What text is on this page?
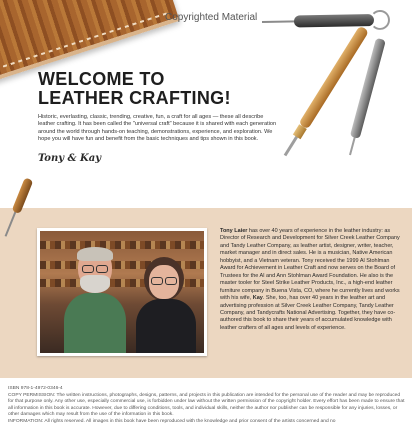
Copyrighted Material
WELCOME TO
LEATHER CRAFTING!

Historic, everlasting, classic, trending, creative, fun, a craft for all ages — these all describe leather crafting. It has been called the "universal craft" because it is shared with each generation around the world through hands-on teaching, demonstrations, experience, and exploration. We hope you will have fun and benefit from the basic techniques and tips shown in this book.

Tony & Kay

Tony Laier has over 40 years of experience in the leather industry: as Director of Research and Development for Silver Creek Leather Company and Tandy Leather Company, as leather artist, designer, writer, teacher, market manager and in direct sales. He is a musician, Native American hobbyist, and a Vietnam veteran. Tony received the 1999 Al Stohlman Award for Achievement in Leather Craft and now serves on the Board of Trustees for the Al and Ann Stohlman Award Foundation. He also is the master tooler for Steel Strike Leather Products, Inc., a high-end leather furniture company in Buena Vista, CO, where he currently lives and works with his wife, Kay. She, too, has over 40 years in the leather art and advertising profession at Silver Creek Leather Company, Tandy Leather Company, and Tandycrafts National Advertising. Together, they have co-authored this book to share their years of accumulated knowledge with leather crafters of all ages and levels of experience.

ISBN 978-1-4972-0346-4

COPY PERMISSION: The written instructions, photographs, designs, patterns, and projects in this publication are intended for the personal use of the reader and may be reproduced for that purpose only. Any other use, especially commercial use, is forbidden under law without the written permission of the copyright holder. Every effort has been made to ensure that all information in this book is accurate. However, due to differing conditions, tools, and individual skills, neither the author nor publisher can be responsible for any injuries, losses, or other damages which may result from the use of the information in this book.

INFORMATION: All rights reserved. All images in this book have been reproduced with the knowledge and prior consent of the artists concerned and no
